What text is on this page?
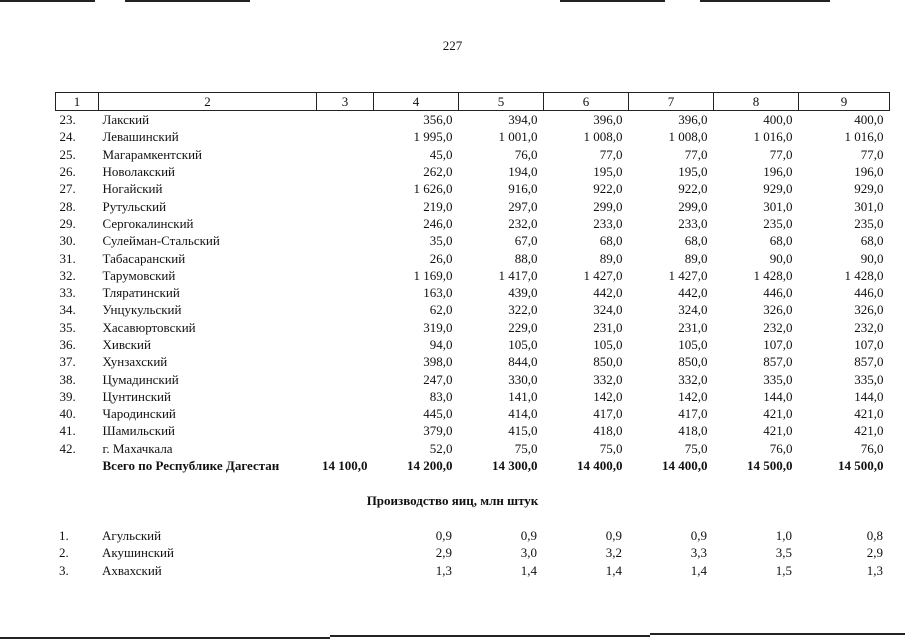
227
1	2	3	4	5	6	7	8	9
23.	Лакский		356,0	394,0	396,0	396,0	400,0	400,0
24.	Левашинский		1 995,0	1 001,0	1 008,0	1 008,0	1 016,0	1 016,0
25.	Магарамкентский		45,0	76,0	77,0	77,0	77,0	77,0
26.	Новолакский		262,0	194,0	195,0	195,0	196,0	196,0
27.	Ногайский		1 626,0	916,0	922,0	922,0	929,0	929,0
28.	Рутульский		219,0	297,0	299,0	299,0	301,0	301,0
29.	Сергокалинский		246,0	232,0	233,0	233,0	235,0	235,0
30.	Сулейман-Стальский		35,0	67,0	68,0	68,0	68,0	68,0
31.	Табасаранский		26,0	88,0	89,0	89,0	90,0	90,0
32.	Тарумовский		1 169,0	1 417,0	1 427,0	1 427,0	1 428,0	1 428,0
33.	Тляратинский		163,0	439,0	442,0	442,0	446,0	446,0
34.	Унцукульский		62,0	322,0	324,0	324,0	326,0	326,0
35.	Хасавюртовский		319,0	229,0	231,0	231,0	232,0	232,0
36.	Хивский		94,0	105,0	105,0	105,0	107,0	107,0
37.	Хунзахский		398,0	844,0	850,0	850,0	857,0	857,0
38.	Цумадинский		247,0	330,0	332,0	332,0	335,0	335,0
39.	Цунтинский		83,0	141,0	142,0	142,0	144,0	144,0
40.	Чародинский		445,0	414,0	417,0	417,0	421,0	421,0
41.	Шамильский		379,0	415,0	418,0	418,0	421,0	421,0
42.	г. Махачкала		52,0	75,0	75,0	75,0	76,0	76,0
	Всего по Республике Дагестан	14 100,0	14 200,0	14 300,0	14 400,0	14 400,0	14 500,0	14 500,0
Производство яиц, млн штук
1.	Агульский		0,9	0,9	0,9	0,9	1,0	0,8
2.	Акушинский		2,9	3,0	3,2	3,3	3,5	2,9
3.	Ахвахский		1,3	1,4	1,4	1,4	1,5	1,3
